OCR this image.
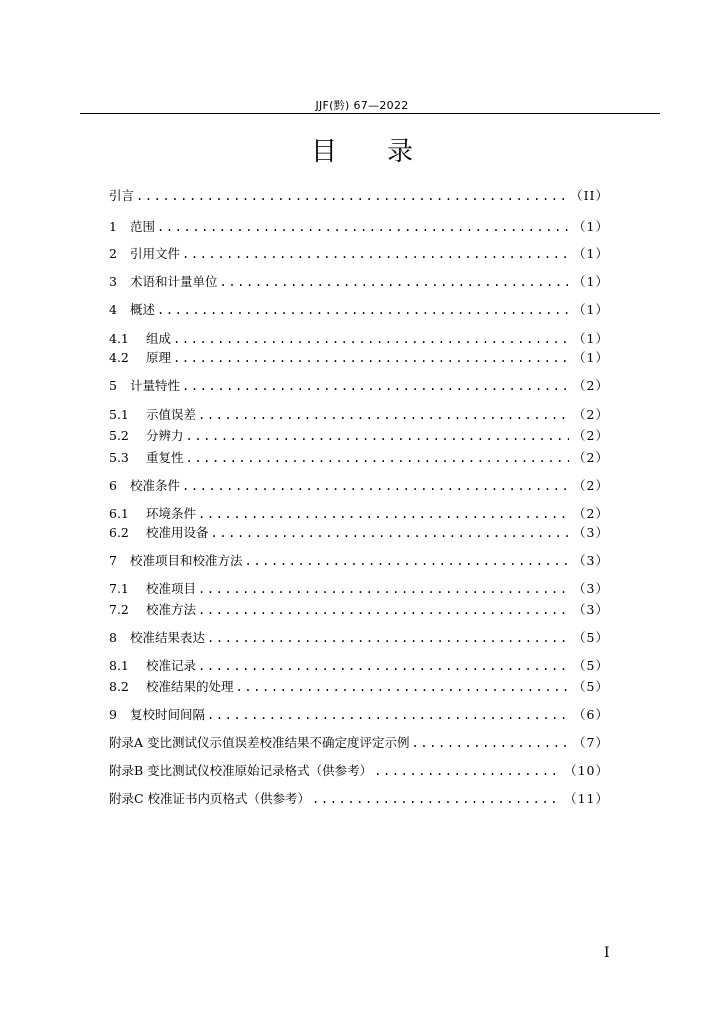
JJF(黔) 67—2022
目录
引言 .....	（II）
1	范围 .....	（1）
2	引用文件 .....	（1）
3	术语和计量单位 .....	（1）
4	概述 .....	（1）
4.1	组成 .....	（1）
4.2	原理 .....	（1）
5	计量特性 .....	（2）
5.1	示值误差 .....	（2）
5.2	分辨力 .....	（2）
5.3	重复性 .....	（2）
6	校准条件 .....	（2）
6.1	环境条件 .....	（2）
6.2	校准用设备 .....	（3）
7	校准项目和校准方法 .....	（3）
7.1	校准项目 .....	（3）
7.2	校准方法 .....	（3）
8	校准结果表达 .....	（5）
8.1	校准记录 .....	（5）
8.2	校准结果的处理 .....	（5）
9	复校时间间隔 .....	（6）
附录A 变比测试仪示值误差校准结果不确定度评定示例 .....	（7）
附录B 变比测试仪校准原始记录格式（供参考） .....	（10）
附录C 校准证书内页格式（供参考） .....	（11）
I
